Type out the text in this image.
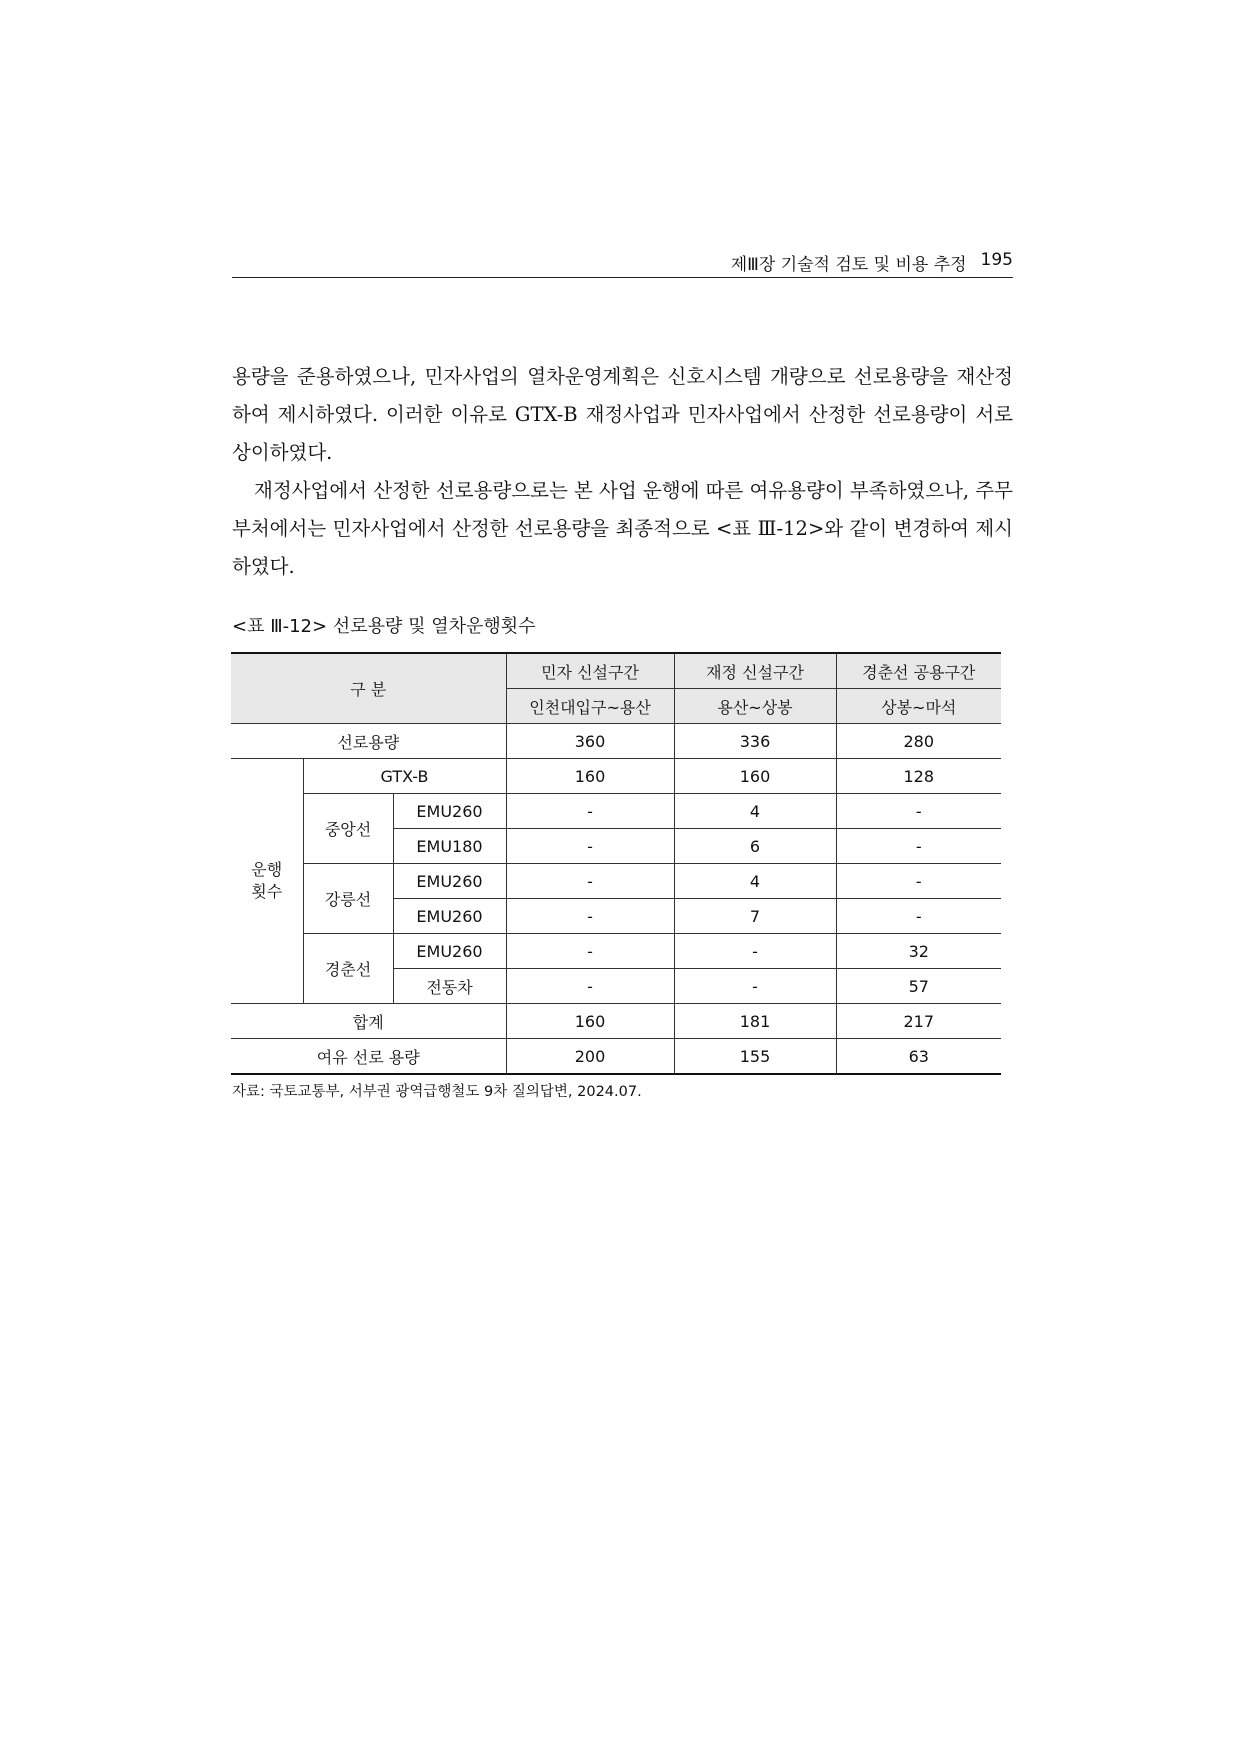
제Ⅲ장 기술적 검토 및 비용 추정 195

용량을 준용하였으나, 민자사업의 열차운영계획은 신호시스템 개량으로 선로용량을 재산정하여 제시하였다. 이러한 이유로 GTX-B 재정사업과 민자사업에서 산정한 선로용량이 서로 상이하였다.

재정사업에서 산정한 선로용량으로는 본 사업 운행에 따른 여유용량이 부족하였으나, 주무부처에서는 민자사업에서 산정한 선로용량을 최종적으로 <표 Ⅲ-12>와 같이 변경하여 제시하였다.

<표 Ⅲ-12> 선로용량 및 열차운행횟수
구 분			민자 신설구간	재정 신설구간	경춘선 공용구간
			인천대입구~용산	용산~상봉	상봉~마석
선로용량			360	336	280
운행
횟수	GTX-B		160	160	128
	중앙선	EMU260	-	4	-
		EMU180	-	6	-
	강릉선	EMU260	-	4	-
		EMU260	-	7	-
	경춘선	EMU260	-	-	32
		전동차	-	-	57
합계			160	181	217
여유 선로 용량			200	155	63
자료: 국토교통부, 서부권 광역급행철도 9차 질의답변, 2024.07.
